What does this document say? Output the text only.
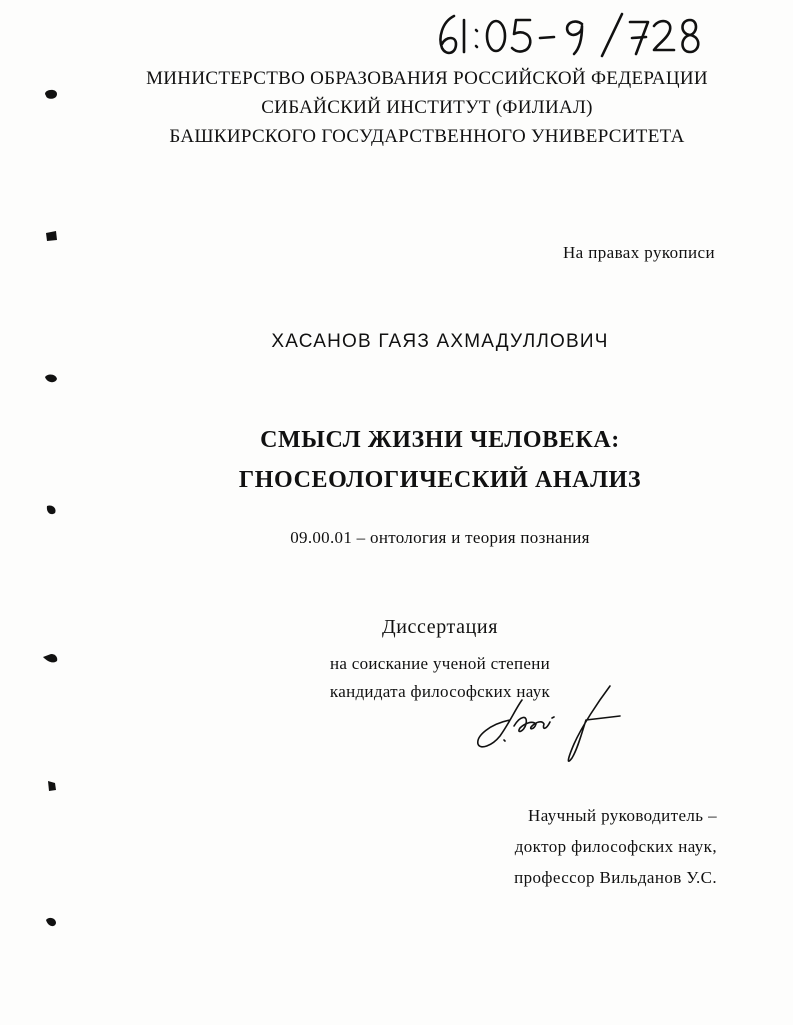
МИНИСТЕРСТВО ОБРАЗОВАНИЯ РОССИЙСКОЙ ФЕДЕРАЦИИ
СИБАЙСКИЙ ИНСТИТУТ (ФИЛИАЛ)
БАШКИРСКОГО ГОСУДАРСТВЕННОГО УНИВЕРСИТЕТА
На правах рукописи
ХАСАНОВ ГАЯЗ АХМАДУЛЛОВИЧ
СМЫСЛ ЖИЗНИ ЧЕЛОВЕКА:
ГНОСЕОЛОГИЧЕСКИЙ АНАЛИЗ
09.00.01 – онтология и теория познания
Диссертация
на соискание ученой степени
кандидата философских наук
Научный руководитель –
доктор философских наук,
профессор Вильданов У.С.
